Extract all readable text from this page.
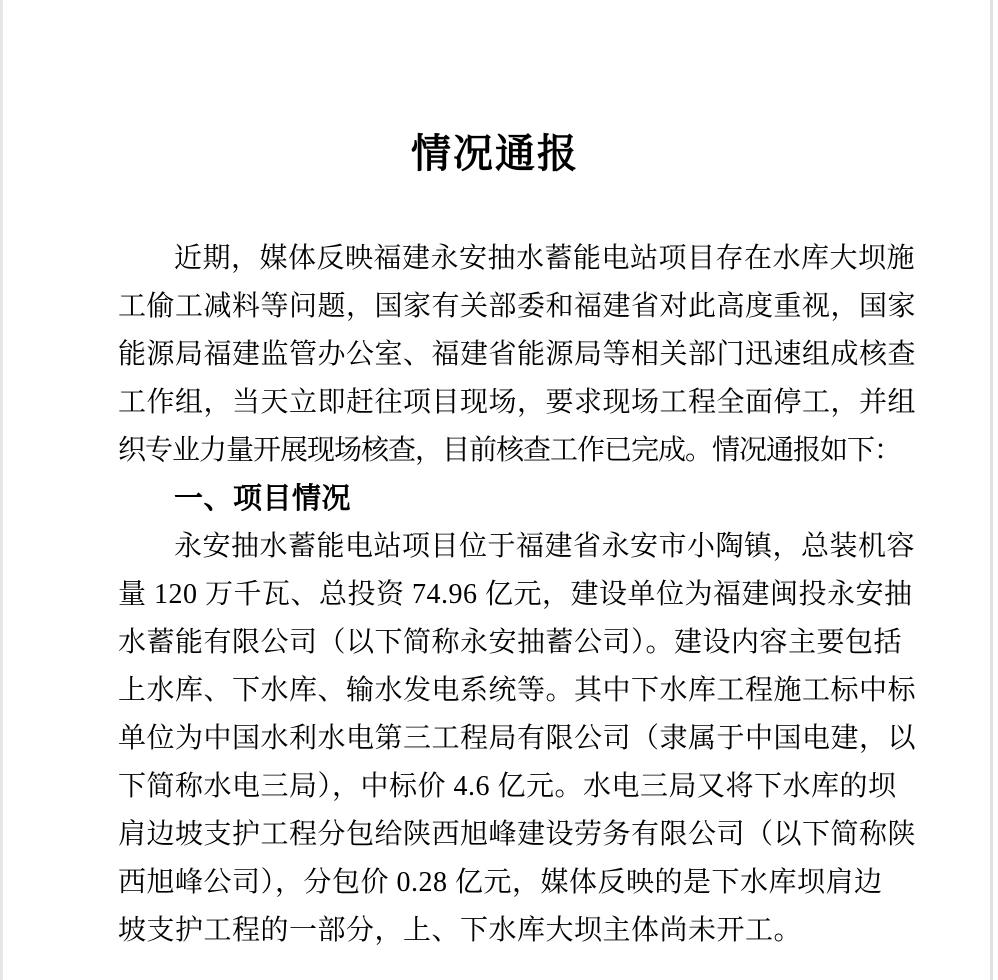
情况通报
近期，媒体反映福建永安抽水蓄能电站项目存在水库大坝施
工偷工减料等问题，国家有关部委和福建省对此高度重视，国家
能源局福建监管办公室、福建省能源局等相关部门迅速组成核查
工作组，当天立即赶往项目现场，要求现场工程全面停工，并组
织专业力量开展现场核查，目前核查工作已完成。情况通报如下：
一、项目情况
永安抽水蓄能电站项目位于福建省永安市小陶镇，总装机容
量 120 万千瓦、总投资 74.96 亿元，建设单位为福建闽投永安抽
水蓄能有限公司（以下简称永安抽蓄公司）。建设内容主要包括
上水库、下水库、输水发电系统等。其中下水库工程施工标中标
单位为中国水利水电第三工程局有限公司（隶属于中国电建，以
下简称水电三局），中标价 4.6 亿元。水电三局又将下水库的坝
肩边坡支护工程分包给陕西旭峰建设劳务有限公司（以下简称陕
西旭峰公司），分包价 0.28 亿元，媒体反映的是下水库坝肩边
坡支护工程的一部分，上、下水库大坝主体尚未开工。
